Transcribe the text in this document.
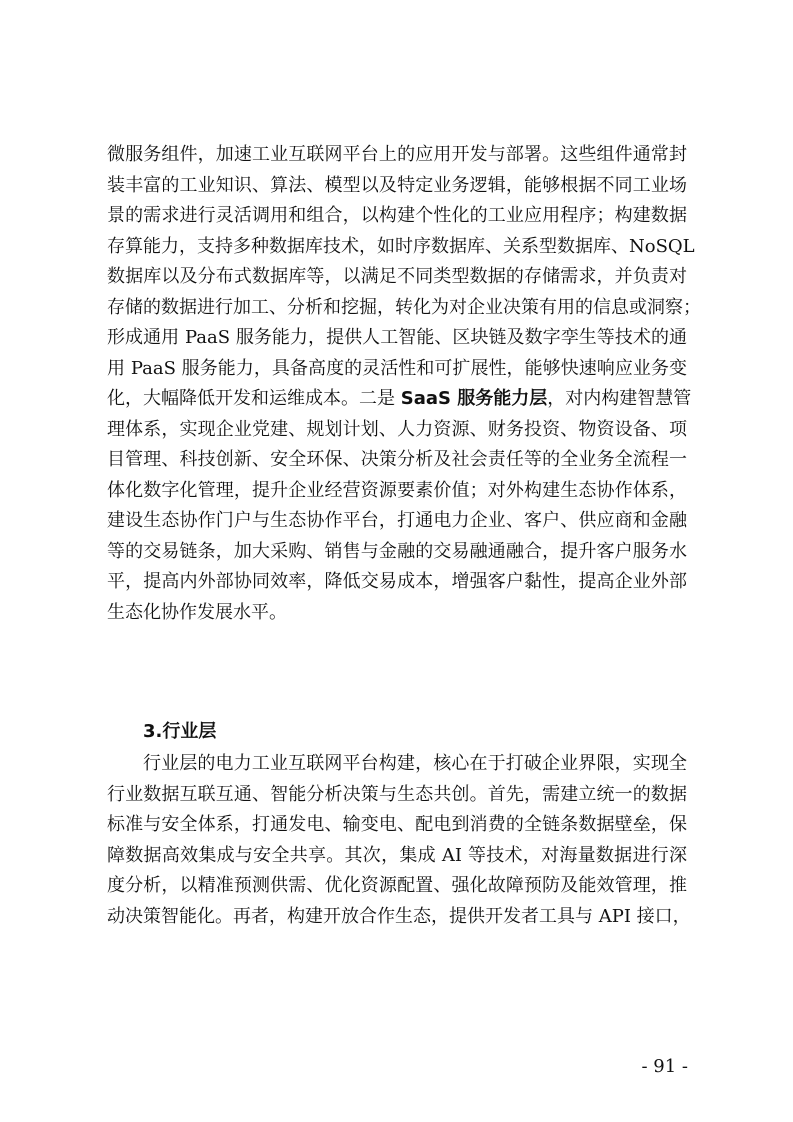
微服务组件，加速工业互联网平台上的应用开发与部署。这些组件通常封
装丰富的工业知识、算法、模型以及特定业务逻辑，能够根据不同工业场
景的需求进行灵活调用和组合，以构建个性化的工业应用程序；构建数据
存算能力，支持多种数据库技术，如时序数据库、关系型数据库、NoSQL
数据库以及分布式数据库等，以满足不同类型数据的存储需求，并负责对
存储的数据进行加工、分析和挖掘，转化为对企业决策有用的信息或洞察；
形成通用 PaaS 服务能力，提供人工智能、区块链及数字孪生等技术的通
用 PaaS 服务能力，具备高度的灵活性和可扩展性，能够快速响应业务变
化，大幅降低开发和运维成本。二是 SaaS 服务能力层，对内构建智慧管
理体系，实现企业党建、规划计划、人力资源、财务投资、物资设备、项
目管理、科技创新、安全环保、决策分析及社会责任等的全业务全流程一
体化数字化管理，提升企业经营资源要素价值；对外构建生态协作体系，
建设生态协作门户与生态协作平台，打通电力企业、客户、供应商和金融
等的交易链条，加大采购、销售与金融的交易融通融合，提升客户服务水
平，提高内外部协同效率，降低交易成本，增强客户黏性，提高企业外部
生态化协作发展水平。
3.行业层
行业层的电力工业互联网平台构建，核心在于打破企业界限，实现全
行业数据互联互通、智能分析决策与生态共创。首先，需建立统一的数据
标准与安全体系，打通发电、输变电、配电到消费的全链条数据壁垒，保
障数据高效集成与安全共享。其次，集成 AI 等技术，对海量数据进行深
度分析，以精准预测供需、优化资源配置、强化故障预防及能效管理，推
动决策智能化。再者，构建开放合作生态，提供开发者工具与 API 接口，
- 91 -
